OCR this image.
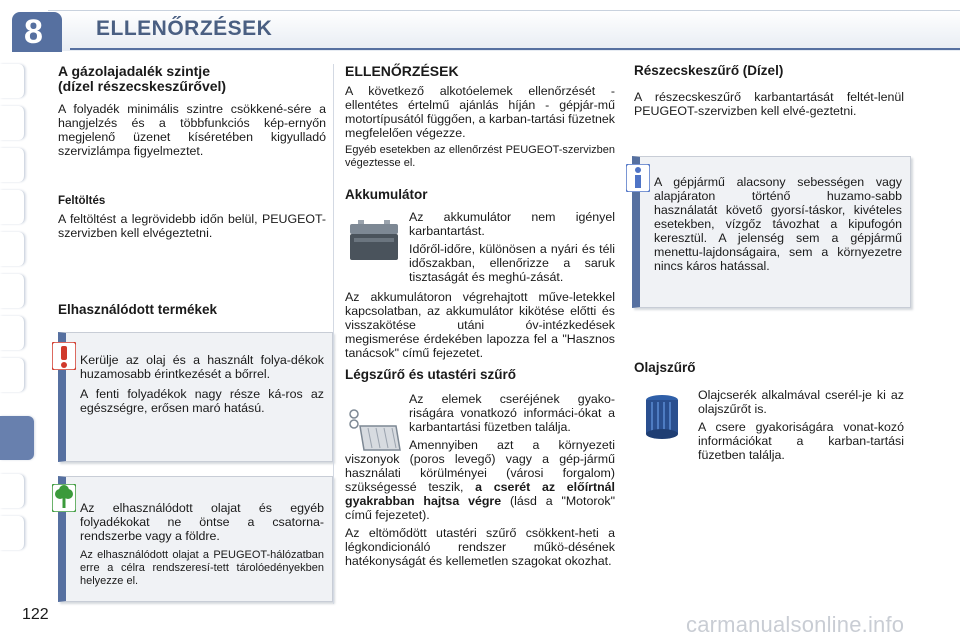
8	ELLENŐRZÉSEK
A gázolajadalék szintje
(dízel részecskeszűrővel)

A folyadék minimális szintre csökkené-sére a hangjelzés és a többfunkciós kép-ernyőn megjelenő üzenet kíséretében kigyulladó szervizlámpa figyelmeztet.

Feltöltés

A feltöltést a legrövidebb időn belül, PEUGEOT-szervizben kell elvégeztetni.

Elhasználódott termékek

Kerülje az olaj és a használt folya-dékok huzamosabb érintkezését a bőrrel.

A fenti folyadékok nagy része ká-ros az egészségre, erősen maró hatású.

Az elhasználódott olajat és egyéb folyadékokat ne öntse a csatorna-rendszerbe vagy a földre.

Az elhasználódott olajat a PEUGEOT-hálózatban erre a célra rendszeresí-tett tárolóedényekben helyezze el.

ELLENŐRZÉSEK

A következő alkotóelemek ellenőrzését - ellentétes értelmű ajánlás híján - gépjár-mű motortípusától függően, a karban-tartási füzetnek megfelelően végezze.

Egyéb esetekben az ellenőrzést PEUGEOT-szervizben végeztesse el.

Akkumulátor

Az akkumulátor nem igényel karbantartást.

Időről-időre, különösen a nyári és téli időszakban, ellenőrizze a saruk tisztaságát és meghú-zását.

Az akkumulátoron végrehajtott műve-letekkel kapcsolatban, az akkumulátor kikötése előtti és visszakötése utáni óv-intézkedések megismerése érdekében lapozza fel a "Hasznos tanácsok" című fejezetet.

Légszűrő és utastéri szűrő

Az elemek cseréjének gyako-riságára vonatkozó informáci-ókat a karbantartási füzetben találja.

Amennyiben azt a környezeti viszonyok (poros levegő) vagy a gép-jármű használati körülményei (városi forgalom) szükségessé teszik, a cserét az előírtnál gyakrabban hajtsa végre (lásd a "Motorok" című fejezetet).

Az eltömődött utastéri szűrő csökkent-heti a légkondicionáló rendszer műkö-désének hatékonyságát és kellemetlen szagokat okozhat.

Részecskeszűrő (Dízel)

A részecskeszűrő karbantartását feltét-lenül PEUGEOT-szervizben kell elvé-geztetni.

A gépjármű alacsony sebességen vagy alapjáraton történő huzamo-sabb használatát követő gyorsí-táskor, kivételes esetekben, vízgőz távozhat a kipufogón keresztül. A jelenség sem a gépjármű menettu-lajdonságaira, sem a környezetre nincs káros hatással.

Olajszűrő

Olajcserék alkalmával cserél-je ki az olajszűrőt is.

A csere gyakoriságára vonat-kozó információkat a karban-tartási füzetben találja.

122	carmanualsonline.info
